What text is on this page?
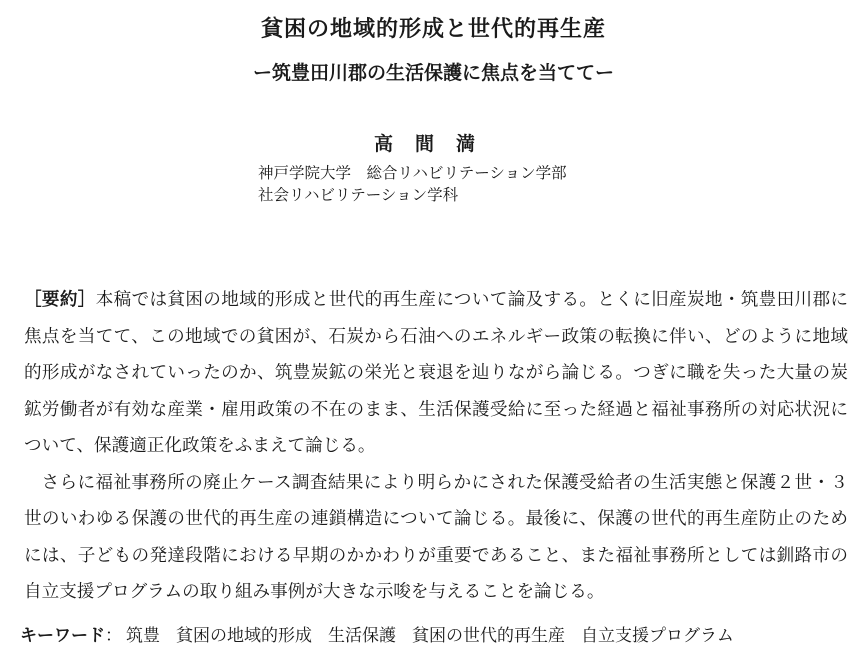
貧困の地域的形成と世代的再生産
ー筑豊田川郡の生活保護に焦点を当ててー
高間満
神戸学院大学　総合リハビリテーション学部
社会リハビリテーション学科

［要約］本稿では貧困の地域的形成と世代的再生産について論及する。とくに旧産炭地・筑豊田川郡に焦点を当てて、この地域での貧困が、石炭から石油へのエネルギー政策の転換に伴い、どのように地域的形成がなされていったのか、筑豊炭鉱の栄光と衰退を辿りながら論じる。つぎに職を失った大量の炭鉱労働者が有効な産業・雇用政策の不在のまま、生活保護受給に至った経過と福祉事務所の対応状況について、保護適正化政策をふまえて論じる。

さらに福祉事務所の廃止ケース調査結果により明らかにされた保護受給者の生活実態と保護２世・３世のいわゆる保護の世代的再生産の連鎖構造について論じる。最後に、保護の世代的再生産防止のためには、子どもの発達段階における早期のかかわりが重要であること、また福祉事務所としては釧路市の自立支援プログラムの取り組み事例が大きな示唆を与えることを論じる。

キーワード： 筑豊 貧困の地域的形成 生活保護 貧困の世代的再生産 自立支援プログラム
